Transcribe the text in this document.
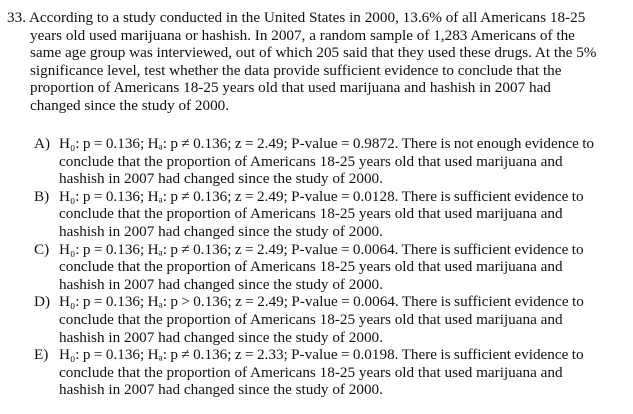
33. According to a study conducted in the United States in 2000, 13.6% of all Americans 18-25
years old used marijuana or hashish. In 2007, a random sample of 1,283 Americans of the
same age group was interviewed, out of which 205 said that they used these drugs. At the 5%
significance level, test whether the data provide sufficient evidence to conclude that the
proportion of Americans 18-25 years old that used marijuana and hashish in 2007 had
changed since the study of 2000.
A) H₀: p = 0.136; Hₐ: p ≠ 0.136; z = 2.49; P-value = 0.9872. There is not enough evidence to
conclude that the proportion of Americans 18-25 years old that used marijuana and
hashish in 2007 had changed since the study of 2000.
B) H₀: p = 0.136; Hₐ: p ≠ 0.136; z = 2.49; P-value = 0.0128. There is sufficient evidence to
conclude that the proportion of Americans 18-25 years old that used marijuana and
hashish in 2007 had changed since the study of 2000.
C) H₀: p = 0.136; Hₐ: p ≠ 0.136; z = 2.49; P-value = 0.0064. There is sufficient evidence to
conclude that the proportion of Americans 18-25 years old that used marijuana and
hashish in 2007 had changed since the study of 2000.
D) H₀: p = 0.136; Hₐ: p > 0.136; z = 2.49; P-value = 0.0064. There is sufficient evidence to
conclude that the proportion of Americans 18-25 years old that used marijuana and
hashish in 2007 had changed since the study of 2000.
E) H₀: p = 0.136; Hₐ: p ≠ 0.136; z = 2.33; P-value = 0.0198. There is sufficient evidence to
conclude that the proportion of Americans 18-25 years old that used marijuana and
hashish in 2007 had changed since the study of 2000.
